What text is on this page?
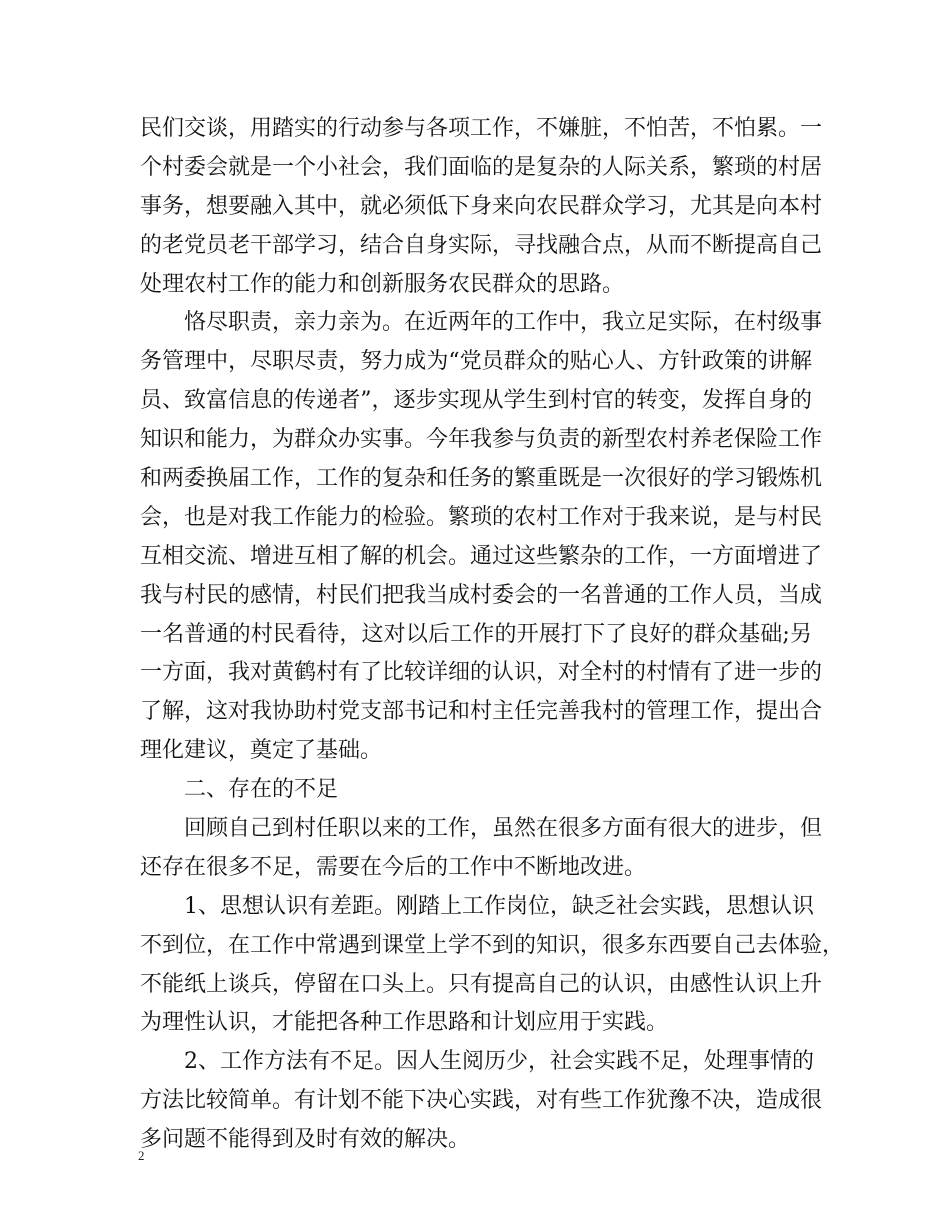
民们交谈，用踏实的行动参与各项工作，不嫌脏，不怕苦，不怕累。一
个村委会就是一个小社会，我们面临的是复杂的人际关系，繁琐的村居
事务，想要融入其中，就必须低下身来向农民群众学习，尤其是向本村
的老党员老干部学习，结合自身实际，寻找融合点，从而不断提高自己
处理农村工作的能力和创新服务农民群众的思路。
恪尽职责，亲力亲为。在近两年的工作中，我立足实际，在村级事
务管理中，尽职尽责，努力成为“党员群众的贴心人、方针政策的讲解
员、致富信息的传递者”，逐步实现从学生到村官的转变，发挥自身的
知识和能力，为群众办实事。今年我参与负责的新型农村养老保险工作
和两委换届工作，工作的复杂和任务的繁重既是一次很好的学习锻炼机
会，也是对我工作能力的检验。繁琐的农村工作对于我来说，是与村民
互相交流、增进互相了解的机会。通过这些繁杂的工作，一方面增进了
我与村民的感情，村民们把我当成村委会的一名普通的工作人员，当成
一名普通的村民看待，这对以后工作的开展打下了良好的群众基础;另
一方面，我对黄鹤村有了比较详细的认识，对全村的村情有了进一步的
了解，这对我协助村党支部书记和村主任完善我村的管理工作，提出合
理化建议，奠定了基础。
二、存在的不足
回顾自己到村任职以来的工作，虽然在很多方面有很大的进步，但
还存在很多不足，需要在今后的工作中不断地改进。
1、思想认识有差距。刚踏上工作岗位，缺乏社会实践，思想认识
不到位，在工作中常遇到课堂上学不到的知识，很多东西要自己去体验，
不能纸上谈兵，停留在口头上。只有提高自己的认识，由感性认识上升
为理性认识，才能把各种工作思路和计划应用于实践。
2、工作方法有不足。因人生阅历少，社会实践不足，处理事情的
方法比较简单。有计划不能下决心实践，对有些工作犹豫不决，造成很
多问题不能得到及时有效的解决。
2
